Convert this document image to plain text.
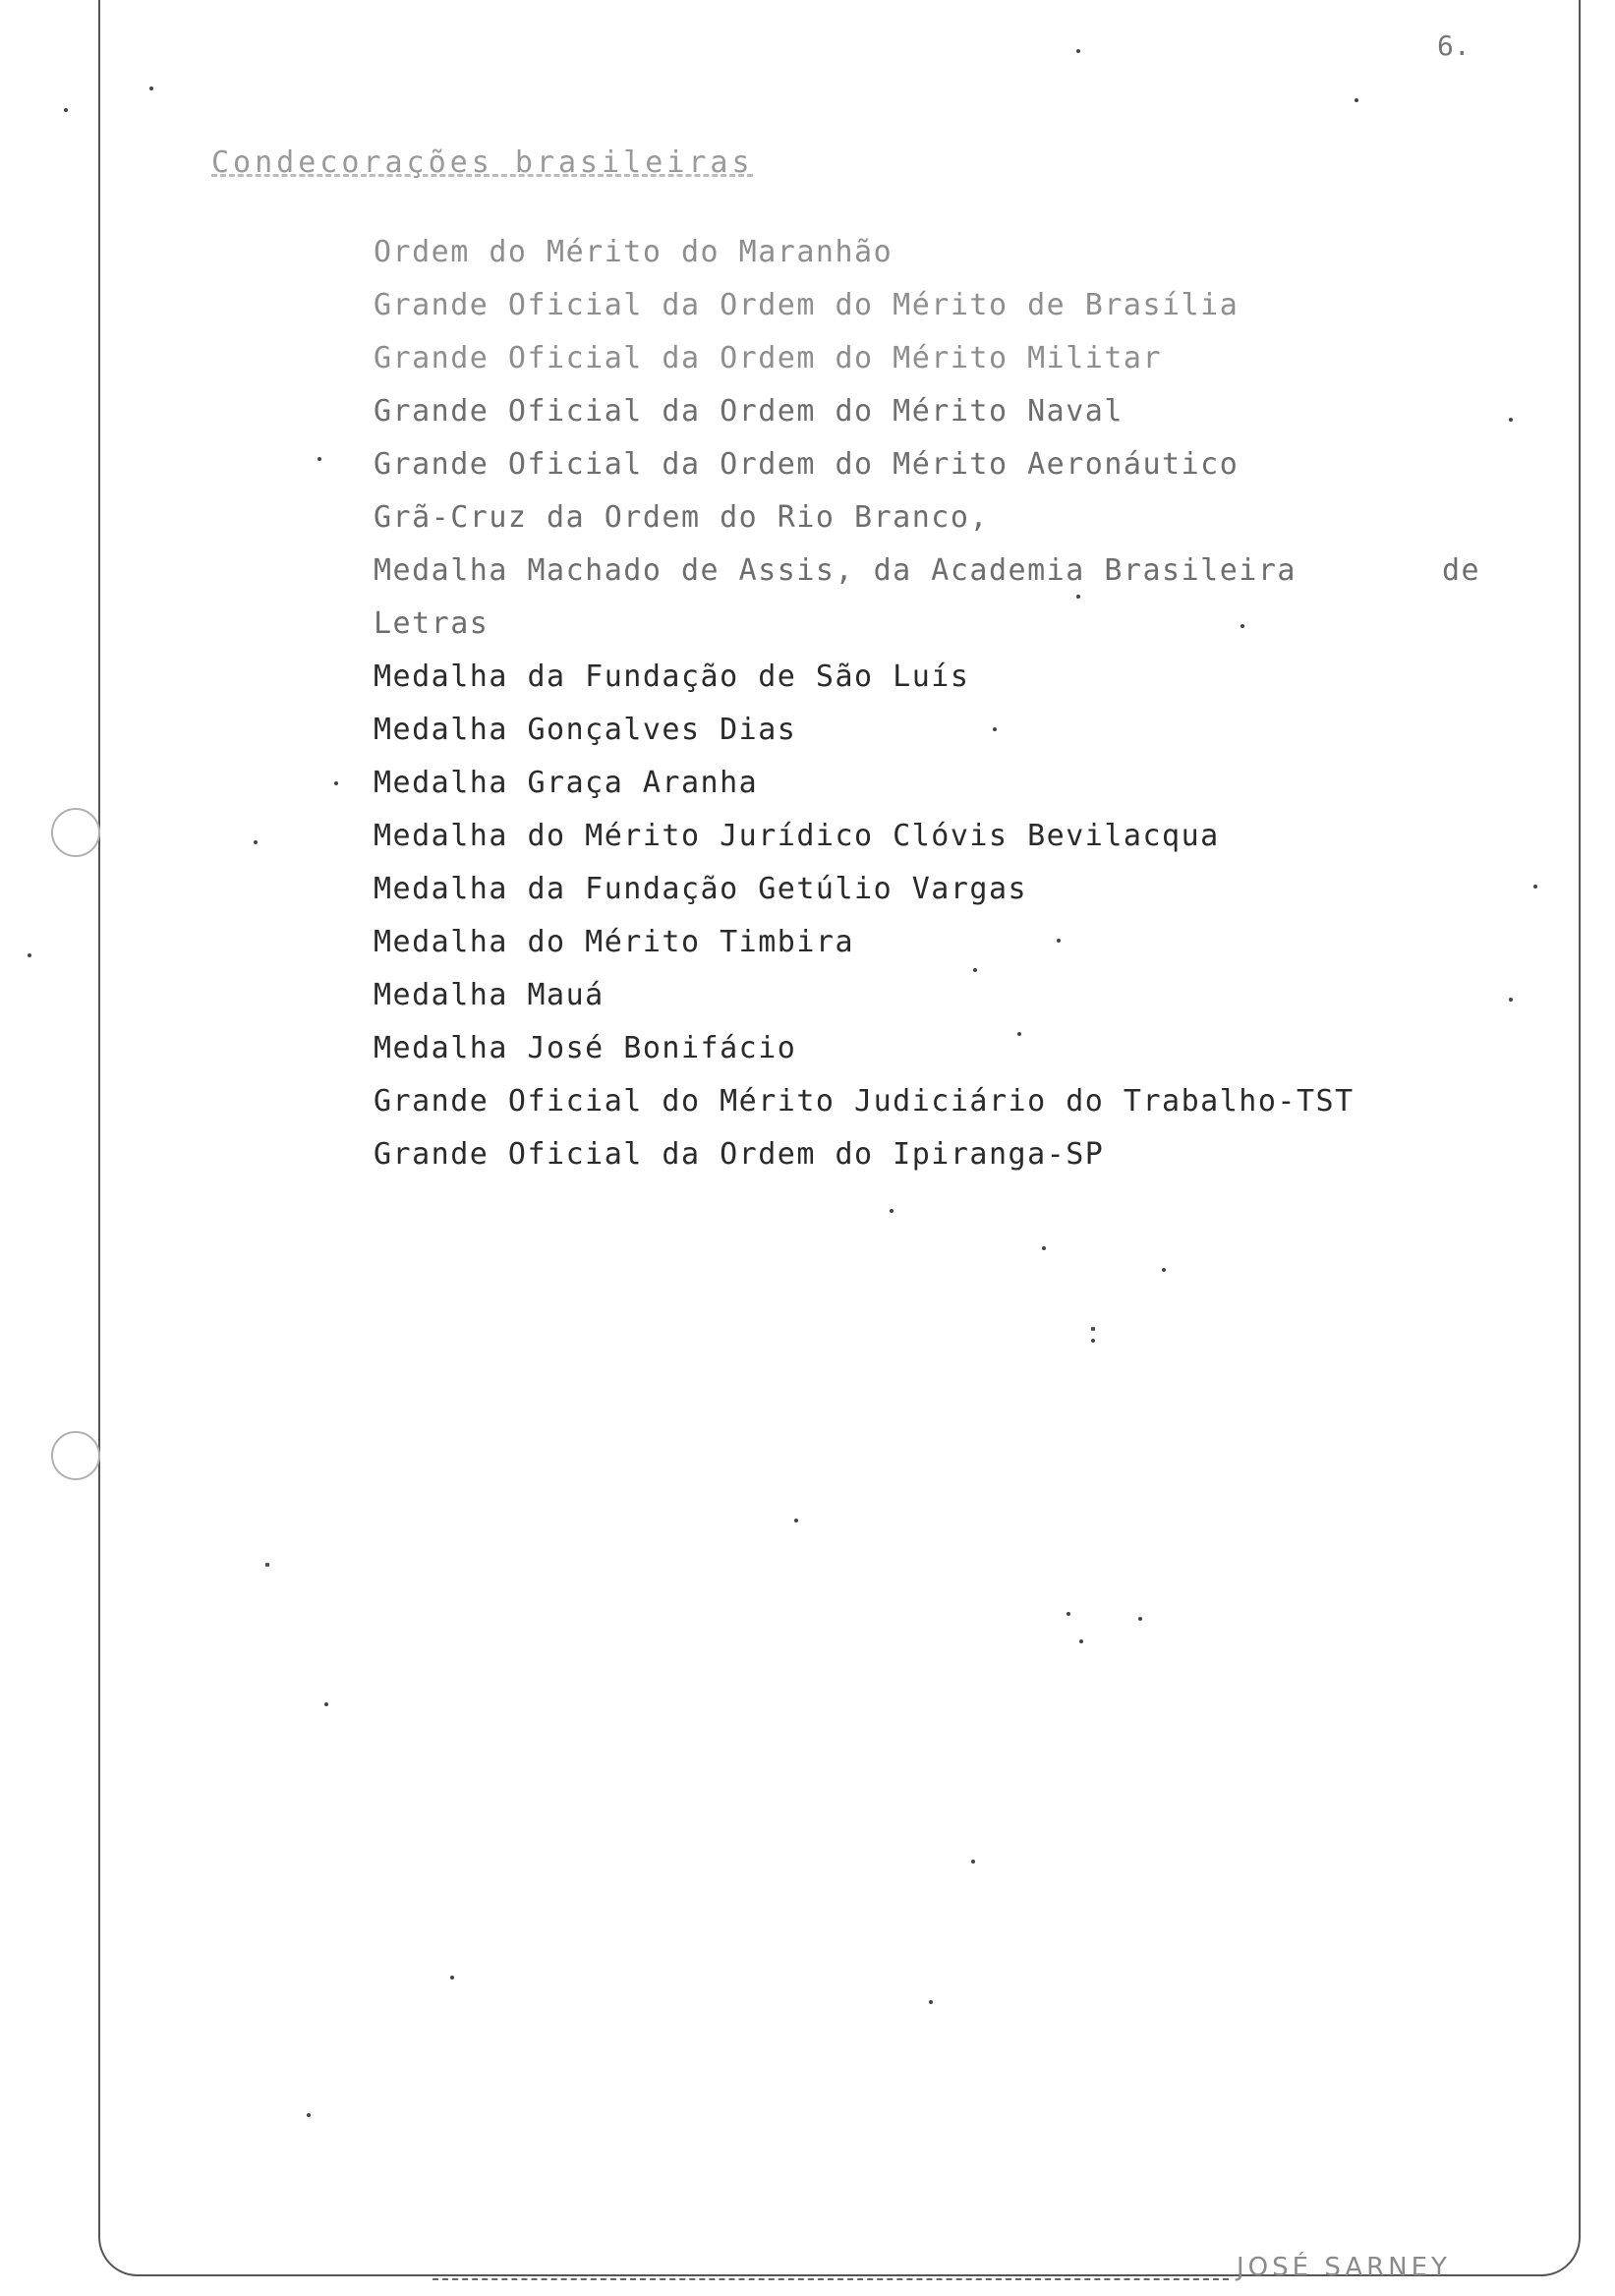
6.
Condecorações brasileiras
Ordem do Mérito do Maranhão
Grande Oficial da Ordem do Mérito de Brasília
Grande Oficial da Ordem do Mérito Militar
Grande Oficial da Ordem do Mérito Naval
Grande Oficial da Ordem do Mérito Aeronáutico
Grã-Cruz da Ordem do Rio Branco,
Medalha Machado de Assis, da Academia Brasileira	de
Letras
Medalha da Fundação de São Luís
Medalha Gonçalves Dias
Medalha Graça Aranha
Medalha do Mérito Jurídico Clóvis Bevilacqua
Medalha da Fundação Getúlio Vargas
Medalha do Mérito Timbira
Medalha Mauá
Medalha José Bonifácio
Grande Oficial do Mérito Judiciário do Trabalho-TST
Grande Oficial da Ordem do Ipiranga-SP
JOSÉ SARNEY
